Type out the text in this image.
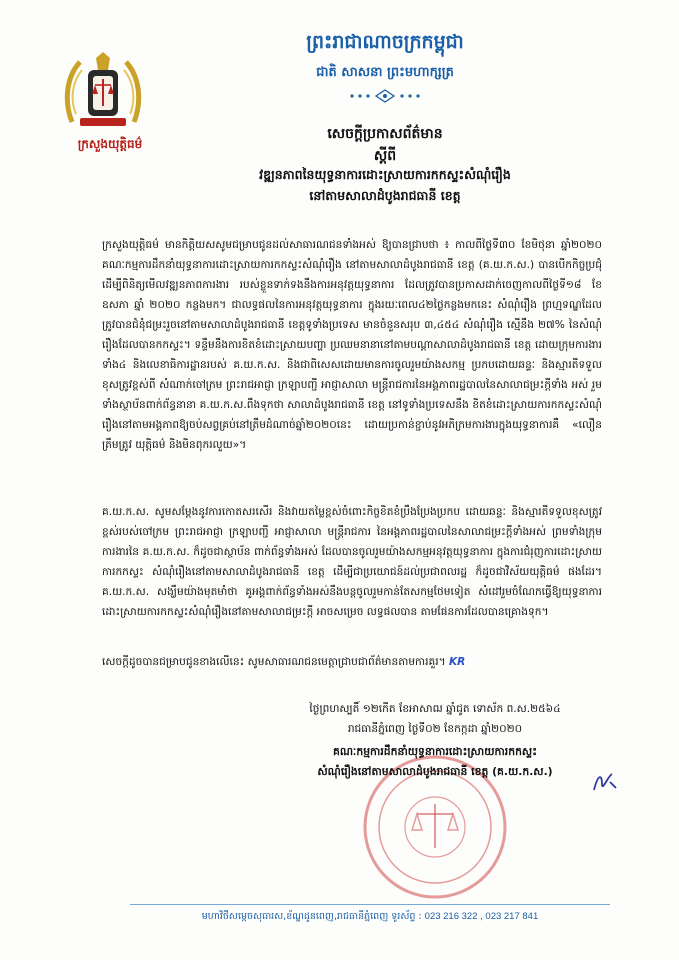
ព្រះរាជាណាចក្រកម្ពុជា
ជាតិ សាសនា ព្រះមហាក្សត្រ
ក្រសួងយុត្តិធម៌
សេចក្តីប្រកាសព័ត៌មាន
ស្តីពី
វឌ្ឍនភាពនៃយុទ្ធនាការដោះស្រាយការកកស្ទះសំណុំរឿង
នៅតាមសាលាដំបូងរាជធានី ខេត្ត
ក្រសួងយុត្តិធម៌ មានកិត្តិយសសូមជម្រាបជូនដល់សាធារណជនទាំងអស់ ឱ្យបានជ្រាបថា ៖ កាលពីថ្ងៃទី៣០ ខែមិថុនា ឆ្នាំ២០២០ គណៈកម្មការដឹកនាំយុទ្ធនាការដោះស្រាយការកកស្ទះសំណុំរឿង នៅតាមសាលាដំបូងរាជធានី ខេត្ត (គ.យ.ក.ស.) បានបើកកិច្ចប្រជុំដើម្បីពិនិត្យមើលវឌ្ឍនភាពការងារ របស់ខ្លួនទាក់ទងនឹងការអនុវត្តយុទ្ធនាការ ដែលត្រូវបានប្រកាសដាក់ចេញកាលពីថ្ងៃទី១៨ ខែឧសភា ឆ្នាំ ២០២០ កន្លងមក។ ជាលទ្ធផលនៃការអនុវត្តយុទ្ធនាការ ក្នុងរយៈពេល៤២ថ្ងៃកន្លងមកនេះ សំណុំរឿង ព្រហ្មទណ្ឌដែលត្រូវបានជំនុំជម្រះរួចនៅតាមសាលាដំបូងរាជធានី ខេត្តទូទាំងប្រទេស មានចំនួនសរុប ៣,៤៥៤ សំណុំរឿង ស្មើនឹង ២៧% នៃសំណុំរឿងដែលបានកកស្ទះ។ ទន្ទឹមនឹងការខិតខំដោះស្រាយបញ្ហា ប្រឈមនានានៅតាមបណ្តាសាលាដំបូងរាជធានី ខេត្ត ដោយក្រុមការងារទាំង៤ និងលេខាធិការដ្ឋានរបស់ គ.យ.ក.ស. និងជាពិសេសដោយមានការចូលរួមយ៉ាងសកម្ម ប្រកបដោយឆន្ទៈ និងស្មារតីទទួលខុសត្រូវខ្ពស់ពី សំណាក់ចៅក្រម ព្រះរាជអាជ្ញា ក្រឡាបញ្ជី អាជ្ញាសាលា មន្ត្រីរាជការនៃអង្គភាពរដ្ឋបាលនៃសាលាជម្រះក្តីទាំង អស់ រួមទាំងស្ថាប័នពាក់ព័ន្ធនានា គ.យ.ក.ស.ពឹងទុកថា សាលាដំបូងរាជធានី ខេត្ត នៅទូទាំងប្រទេសនឹង ខិតខំដោះស្រាយការកកស្ទះសំណុំរឿងនៅតាមអង្គភាពឱ្យចប់សព្វគ្រប់នៅត្រឹមដំណាច់ឆ្នាំ២០២០នេះ ដោយប្រកាន់ខ្ជាប់នូវអភិក្រមការងារក្នុងយុទ្ធនាការគឺ «លឿន ត្រឹមត្រូវ យុត្តិធម៌ និងមិនពុករលួយ»។
គ.យ.ក.ស. សូមសម្តែងនូវការកោតសរសើរ និងវាយតម្លៃខ្ពស់ចំពោះកិច្ចខិតខំប្រឹងប្រែងប្រកប ដោយឆន្ទៈ និងស្មារតីទទួលខុសត្រូវខ្ពស់របស់ចៅក្រម ព្រះរាជអាជ្ញា ក្រឡាបញ្ជី អាជ្ញាសាលា មន្ត្រីរាជការ នៃអង្គភាពរដ្ឋបាលនៃសាលាជម្រះក្តីទាំងអស់ ព្រមទាំងក្រុមការងារនៃ គ.យ.ក.ស. ក៏ដូចជាស្ថាប័ន ពាក់ព័ន្ធទាំងអស់ ដែលបានចូលរួមយ៉ាងសកម្មអនុវត្តយុទ្ធនាការ ក្នុងការជំរុញការដោះស្រាយការកកស្ទះ សំណុំរឿងនៅតាមសាលាដំបូងរាជធានី ខេត្ត ដើម្បីជាប្រយោជន៍ដល់ប្រជាពលរដ្ឋ ក៏ដូចជាវិស័យយុត្តិធម៌ ផងដែរ។ គ.យ.ក.ស. សង្ឃឹមយ៉ាងមុតមាំថា គូអង្គពាក់ព័ន្ធទាំងអស់នឹងបន្តចូលរួមកាន់តែសកម្មថែមទៀត សំដៅរួមចំណែកធ្វើឱ្យយុទ្ធនាការដោះស្រាយការកកស្ទះសំណុំរឿងនៅតាមសាលាជម្រះក្តី អាចសម្រេច លទ្ធផលបាន តាមផែនការដែលបានគ្រោងទុក។
សេចក្តីដូចបានជម្រាបជូនខាងលើនេះ សូមសាធារណជនមេត្តាជ្រាបជាព័ត៌មានតាមការគួរ។ KR
ថ្ងៃព្រហស្បតិ៍ ១២កើត ខែអាសាឍ ឆ្នាំជូត ទោស័ក ព.ស.២៥៦៤
រាជធានីភ្នំពេញ ថ្ងៃទី០២ ខែកក្កដា ឆ្នាំ២០២០
គណៈកម្មការដឹកនាំយុទ្ធនាការដោះស្រាយការកកស្ទះ
សំណុំរឿងនៅតាមសាលាដំបូងរាជធានី ខេត្ត (គ.យ.ក.ស.)
មហាវិថីសម្តេចសុធារស,ខ័ណ្ឌដូនពេញ,រាជធានីភ្នំពេញ ទូរស័ព្ទ : 023 216 322 , 023 217 841
